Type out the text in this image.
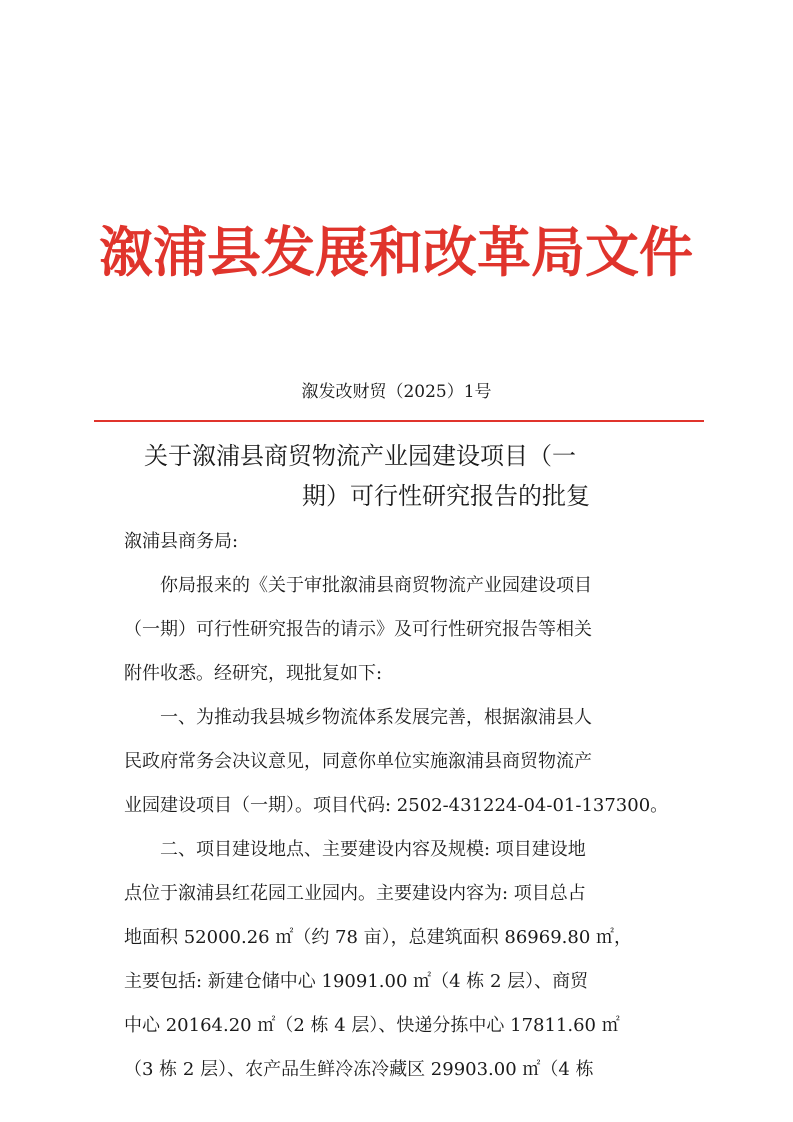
溆浦县发展和改革局文件
溆发改财贸（2025）1号
关于溆浦县商贸物流产业园建设项目（一
期）可行性研究报告的批复
溆浦县商务局:
你局报来的《关于审批溆浦县商贸物流产业园建设项目
（一期）可行性研究报告的请示》及可行性研究报告等相关
附件收悉。经研究，现批复如下:
一、为推动我县城乡物流体系发展完善，根据溆浦县人
民政府常务会决议意见，同意你单位实施溆浦县商贸物流产
业园建设项目（一期）。项目代码: 2502-431224-04-01-137300。
二、项目建设地点、主要建设内容及规模: 项目建设地
点位于溆浦县红花园工业园内。主要建设内容为: 项目总占
地面积 52000.26 ㎡（约 78 亩），总建筑面积 86969.80 ㎡，
主要包括: 新建仓储中心 19091.00 ㎡（4 栋 2 层）、商贸
中心 20164.20 ㎡（2 栋 4 层）、快递分拣中心 17811.60 ㎡
（3 栋 2 层）、农产品生鲜冷冻冷藏区 29903.00 ㎡（4 栋
